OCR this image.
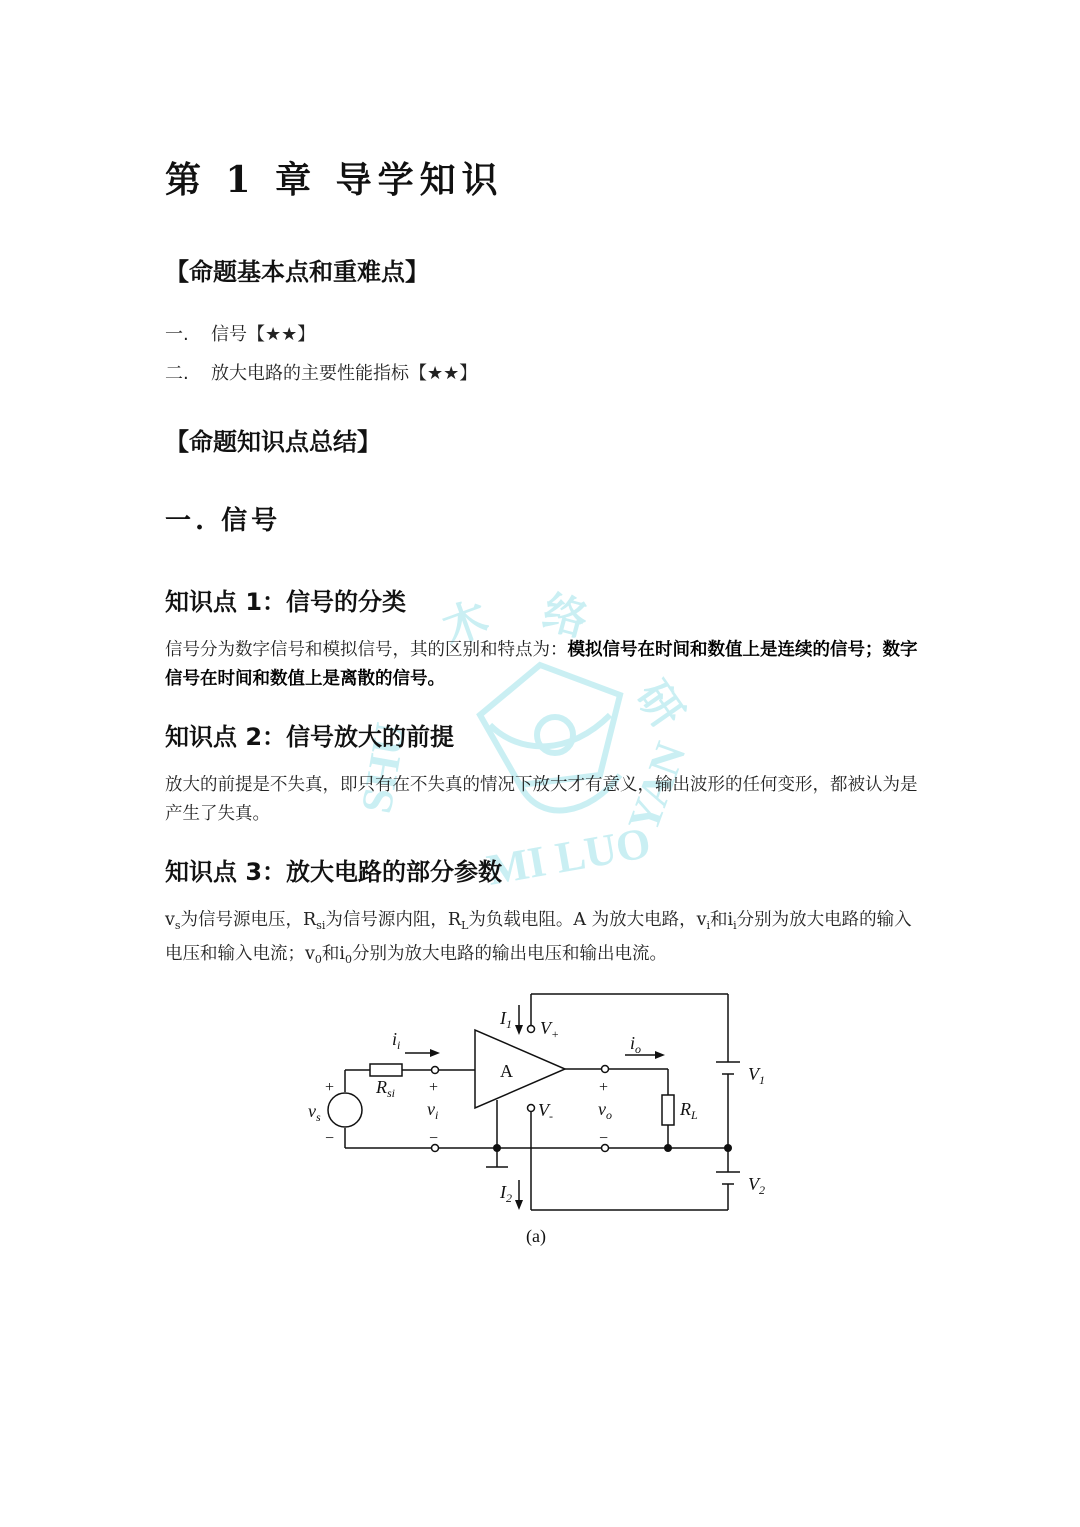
第 1 章 导学知识
【命题基本点和重难点】
一. 信号【★★】
二. 放大电路的主要性能指标【★★】
【命题知识点总结】
一. 信号
木 络
研
SHU
MI LUO
YAN
知识点 1：信号的分类

信号分为数字信号和模拟信号，其的区别和特点为：模拟信号在时间和数值上是连续的信号；数字信号在时间和数值上是离散的信号。

知识点 2：信号放大的前提

放大的前提是不失真，即只有在不失真的情况下放大才有意义，输出波形的任何变形，都被认为是产生了失真。

知识点 3：放大电路的部分参数

$v_s$为信号源电压，$R_{si}$为信号源内阻，$R_L$为负载电阻。A 为放大电路，$v_i$和$i_i$分别为放大电路的输入电压和输入电流；$v_0$和$i_0$分别为放大电路的输出电压和输出电流。

A
$v_s$
+
−
$R_{si}$
$i_i$
+
$v_i$
−
$I_1$ $V_+$
$V_-$
$I_2$
$i_o$
+
$v_o$
−
$R_L$
$V_1$
$V_2$
(a)
